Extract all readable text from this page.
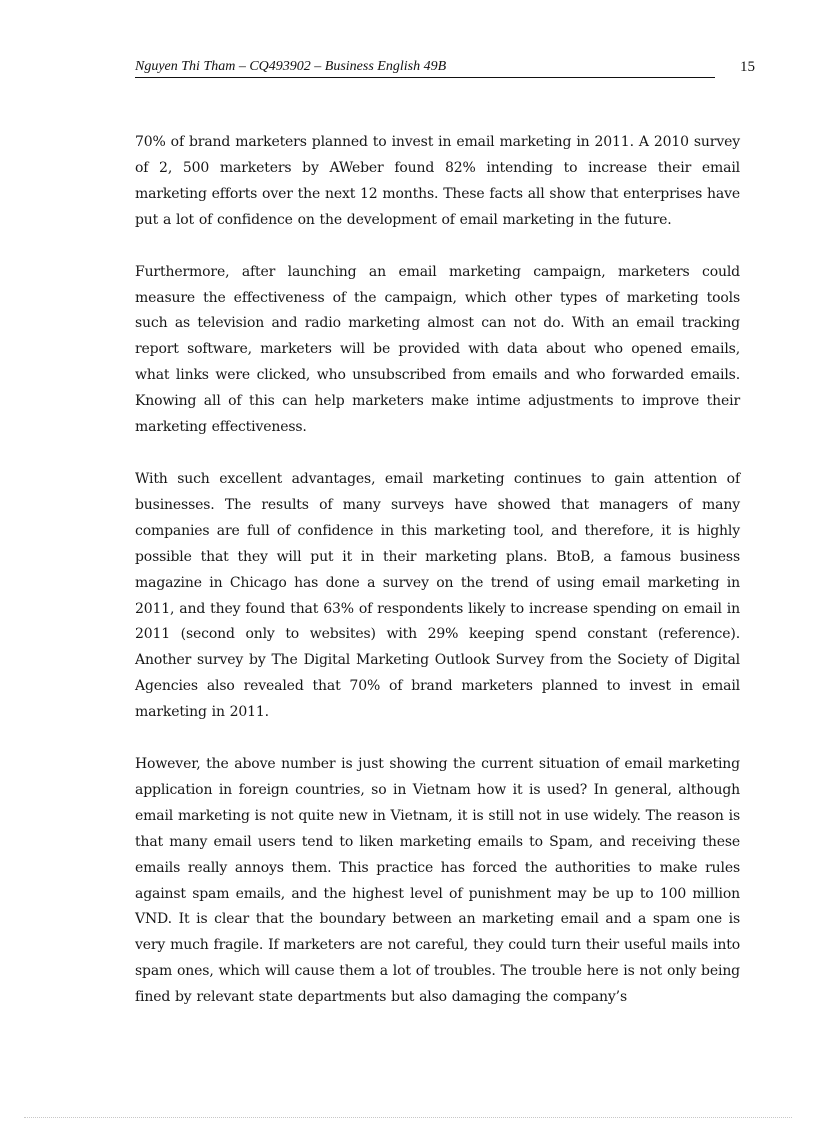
Nguyen Thi Tham – CQ493902 – Business English 49B	15

70% of brand marketers planned to invest in email marketing in 2011. A 2010 survey of 2, 500 marketers by AWeber found 82% intending to increase their email marketing efforts over the next 12 months. These facts all show that enterprises have put a lot of confidence on the development of email marketing in the future.

Furthermore, after launching an email marketing campaign, marketers could measure the effectiveness of the campaign, which other types of marketing tools such as television and radio marketing almost can not do. With an email tracking report software, marketers will be provided with data about who opened emails, what links were clicked, who unsubscribed from emails and who forwarded emails. Knowing all of this can help marketers make intime adjustments to improve their marketing effectiveness.

With such excellent advantages, email marketing continues to gain attention of businesses. The results of many surveys have showed that managers of many companies are full of confidence in this marketing tool, and therefore, it is highly possible that they will put it in their marketing plans. BtoB, a famous business magazine in Chicago has done a survey on the trend of using email marketing in 2011, and they found that 63% of respondents likely to increase spending on email in 2011 (second only to websites) with 29% keeping spend constant (reference). Another survey by The Digital Marketing Outlook Survey from the Society of Digital Agencies also revealed that 70% of brand marketers planned to invest in email marketing in 2011.

However, the above number is just showing the current situation of email marketing application in foreign countries, so in Vietnam how it is used? In general, although email marketing is not quite new in Vietnam, it is still not in use widely. The reason is that many email users tend to liken marketing emails to Spam, and receiving these emails really annoys them. This practice has forced the authorities to make rules against spam emails, and the highest level of punishment may be up to 100 million VND. It is clear that the boundary between an marketing email and a spam one is very much fragile. If marketers are not careful, they could turn their useful mails into spam ones, which will cause them a lot of troubles. The trouble here is not only being fined by relevant state departments but also damaging the company’s
